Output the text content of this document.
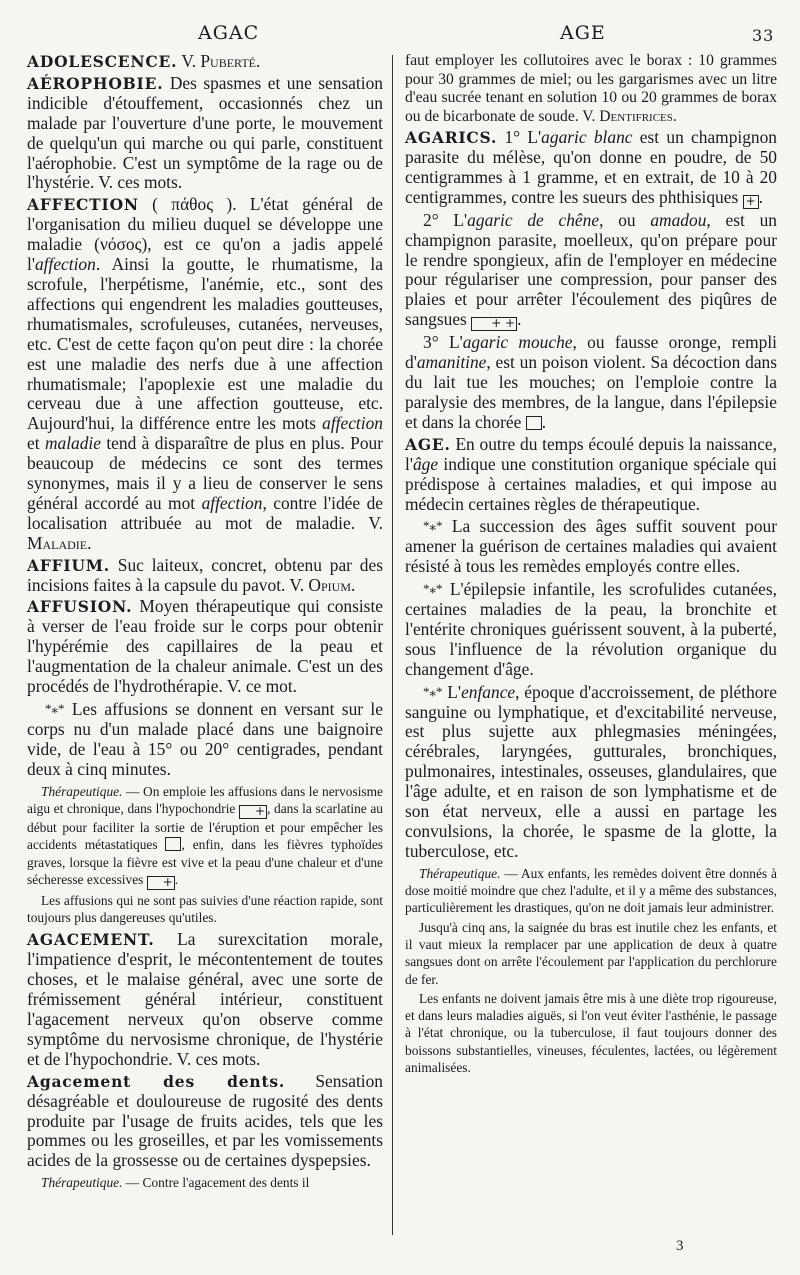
AGAC	AGE	33
ADOLESCENCE. V. Puberté.
AÉROPHOBIE. Des spasmes et une sensation indicible d'étouffement, occasionnés chez un malade par l'ouverture d'une porte, le mouvement de quelqu'un qui marche ou qui parle, constituent l'aérophobie. C'est un symptôme de la rage ou de l'hystérie. V. ces mots.
AFFECTION ( πάθος ). L'état général de l'organisation du milieu duquel se développe une maladie (νόσος), est ce qu'on a jadis appelé l'affection. Ainsi la goutte, le rhumatisme, la scrofule, l'herpétisme, l'anémie, etc., sont des affections qui engendrent les maladies goutteuses, rhumatismales, scrofuleuses, cutanées, nerveuses, etc. C'est de cette façon qu'on peut dire : la chorée est une maladie des nerfs due à une affection rhumatismale; l'apoplexie est une maladie du cerveau due à une affection goutteuse, etc. Aujourd'hui, la différence entre les mots affection et maladie tend à disparaître de plus en plus. Pour beaucoup de médecins ce sont des termes synonymes, mais il y a lieu de conserver le sens général accordé au mot affection, contre l'idée de localisation attribuée au mot de maladie. V. Maladie.
AFFIUM. Suc laiteux, concret, obtenu par des incisions faites à la capsule du pavot. V. Opium.
AFFUSION. Moyen thérapeutique qui consiste à verser de l'eau froide sur le corps pour obtenir l'hypérémie des capillaires de la peau et l'augmentation de la chaleur animale. C'est un des procédés de l'hydrothérapie. V. ce mot.
*⁎* Les affusions se donnent en versant sur le corps nu d'un malade placé dans une baignoire vide, de l'eau à 15° ou 20° centigrades, pendant deux à cinq minutes.

Thérapeutique. — On emploie les affusions dans le nervosisme aigu et chronique, dans l'hypochondrie + , dans la scarlatine au début pour faciliter la sortie de l'éruption et pour empêcher les accidents métastatiques , enfin, dans les fièvres typhoïdes graves, lorsque la fièvre est vive et la peau d'une chaleur et d'une sécheresse excessives + .

Les affusions qui ne sont pas suivies d'une réaction rapide, sont toujours plus dangereuses qu'utiles.

AGACEMENT. La surexcitation morale, l'impatience d'esprit, le mécontentement de toutes choses, et le malaise général, avec une sorte de frémissement général intérieur, constituent l'agacement nerveux qu'on observe comme symptôme du nervosisme chronique, de l'hystérie et de l'hypochondrie. V. ces mots.
Agacement des dents. Sensation désagréable et douloureuse de rugosité des dents produite par l'usage de fruits acides, tels que les pommes ou les groseilles, et par les vomissements acides de la grossesse ou de certaines dyspepsies.

Thérapeutique. — Contre l'agacement des dents il

faut employer les collutoires avec le borax : 10 grammes pour 30 grammes de miel; ou les gargarismes avec un litre d'eau sucrée tenant en solution 10 ou 20 grammes de borax ou de bicarbonate de soude. V. Dentifrices.
AGARICS. 1° L'agaric blanc est un champignon parasite du mélèse, qu'on donne en poudre, de 50 centigrammes à 1 gramme, et en extrait, de 10 à 20 centigrammes, contre les sueurs des phthisiques + .
2° L'agaric de chêne, ou amadou, est un champignon parasite, moelleux, qu'on prépare pour le rendre spongieux, afin de l'employer en médecine pour régulariser une compression, pour panser des plaies et pour arrêter l'écoulement des piqûres de sangsues + + .
3° L'agaric mouche, ou fausse oronge, rempli d'amanitine, est un poison violent. Sa décoction dans du lait tue les mouches; on l'emploie contre la paralysie des membres, de la langue, dans l'épilepsie et dans la chorée .
AGE. En outre du temps écoulé depuis la naissance, l'âge indique une constitution organique spéciale qui prédispose à certaines maladies, et qui impose au médecin certaines règles de thérapeutique.
*⁎* La succession des âges suffit souvent pour amener la guérison de certaines maladies qui avaient résisté à tous les remèdes employés contre elles.
*⁎* L'épilepsie infantile, les scrofulides cutanées, certaines maladies de la peau, la bronchite et l'entérite chroniques guérissent souvent, à la puberté, sous l'influence de la révolution organique du changement d'âge.
*⁎* L'enfance, époque d'accroissement, de pléthore sanguine ou lymphatique, et d'excitabilité nerveuse, est plus sujette aux phlegmasies méningées, cérébrales, laryngées, gutturales, bronchiques, pulmonaires, intestinales, osseuses, glandulaires, que l'âge adulte, et en raison de son lymphatisme et de son état nerveux, elle a aussi en partage les convulsions, la chorée, le spasme de la glotte, la tuberculose, etc.

Thérapeutique. — Aux enfants, les remèdes doivent être donnés à dose moitié moindre que chez l'adulte, et il y a même des substances, particulièrement les drastiques, qu'on ne doit jamais leur administrer.

Jusqu'à cinq ans, la saignée du bras est inutile chez les enfants, et il vaut mieux la remplacer par une application de deux à quatre sangsues dont on arrête l'écoulement par l'application du perchlorure de fer.

Les enfants ne doivent jamais être mis à une diète trop rigoureuse, et dans leurs maladies aiguës, si l'on veut éviter l'asthénie, le passage à l'état chronique, ou la tuberculose, il faut toujours donner des boissons substantielles, vineuses, féculentes, lactées, ou légèrement animalisées.

3
